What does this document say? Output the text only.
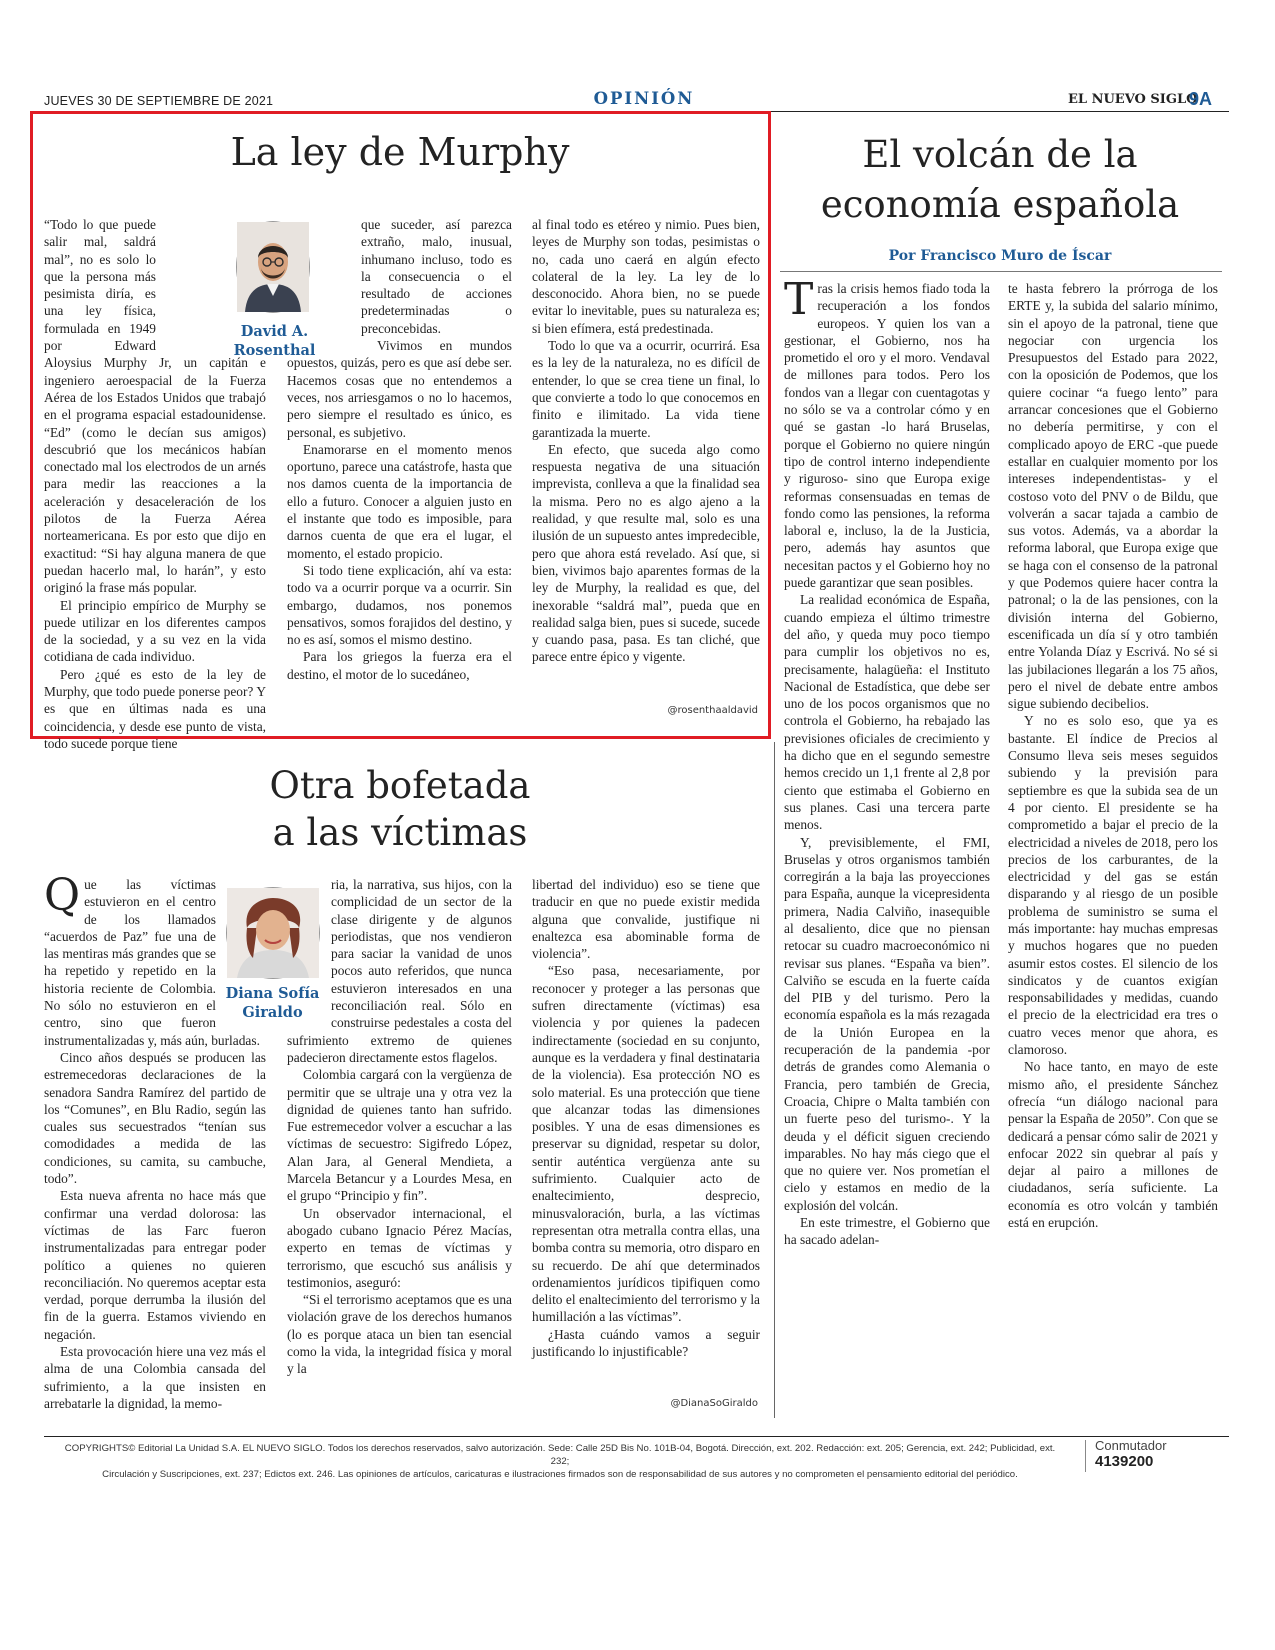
JUEVES 30 DE SEPTIEMBRE DE 2021	OPINIÓN	EL NUEVO SIGLO
9A
La ley de Murphy
David A.
Rosenthal

“Todo lo que puede salir mal, saldrá mal”, no es solo lo que la persona más pesimista diría, es una ley física, formulada en 1949 por Edward Aloysius Murphy Jr, un capitán e ingeniero aeroespacial de la Fuerza Aérea de los Estados Unidos que trabajó en el programa espacial estadounidense. “Ed” (como le decían sus amigos) descubrió que los mecánicos habían conectado mal los electrodos de un arnés para medir las reacciones a la aceleración y desaceleración de los pilotos de la Fuerza Aérea norteamericana. Es por esto que dijo en exactitud: “Si hay alguna manera de que puedan hacerlo mal, lo harán”, y esto originó la frase más popular.

El principio empírico de Murphy se puede utilizar en los diferentes campos de la sociedad, y a su vez en la vida cotidiana de cada individuo.

Pero ¿qué es esto de la ley de Murphy, que todo puede ponerse peor? Y es que en últimas nada es una coincidencia, y desde ese punto de vista, todo sucede porque tiene

que suceder, así parezca extraño, malo, inusual, inhumano incluso, todo es la consecuencia o el resultado de acciones predeterminadas o preconcebidas.

Vivimos en mundos opuestos, quizás, pero es que así debe ser. Hacemos cosas que no entendemos a veces, nos arriesgamos o no lo hacemos, pero siempre el resultado es único, es personal, es subjetivo.

Enamorarse en el momento menos oportuno, parece una catástrofe, hasta que nos damos cuenta de la importancia de ello a futuro. Conocer a alguien justo en el instante que todo es imposible, para darnos cuenta de que era el lugar, el momento, el estado propicio.

Si todo tiene explicación, ahí va esta: todo va a ocurrir porque va a ocurrir. Sin embargo, dudamos, nos ponemos pensativos, somos forajidos del destino, y no es así, somos el mismo destino.

Para los griegos la fuerza era el destino, el motor de lo sucedáneo,

al final todo es etéreo y nimio. Pues bien, leyes de Murphy son todas, pesimistas o no, cada uno caerá en algún efecto colateral de la ley. La ley de lo desconocido. Ahora bien, no se puede evitar lo inevitable, pues su naturaleza es; si bien efímera, está predestinada.

Todo lo que va a ocurrir, ocurrirá. Esa es la ley de la naturaleza, no es difícil de entender, lo que se crea tiene un final, lo que convierte a todo lo que conocemos en finito e ilimitado. La vida tiene garantizada la muerte.

En efecto, que suceda algo como respuesta negativa de una situación imprevista, conlleva a que la finalidad sea la misma. Pero no es algo ajeno a la realidad, y que resulte mal, solo es una ilusión de un supuesto antes impredecible, pero que ahora está revelado. Así que, si bien, vivimos bajo aparentes formas de la ley de Murphy, la realidad es que, del inexorable “saldrá mal”, pueda que en realidad salga bien, pues si sucede, sucede y cuando pasa, pasa. Es tan cliché, que parece entre épico y vigente.

@rosenthaaldavid
Otra bofetada
a las víctimas
Diana Sofía
Giraldo
Q ue las víctimas estuvieron en el centro de los llamados “acuerdos de Paz” fue una de las mentiras más grandes que se ha repetido y repetido en la historia reciente de Colombia. No sólo no estuvieron en el centro, sino que fueron instrumentalizadas y, más aún, burladas.

Cinco años después se producen las estremecedoras declaraciones de la senadora Sandra Ramírez del partido de los “Comunes”, en Blu Radio, según las cuales sus secuestrados “tenían sus comodidades a medida de las condiciones, su camita, su cambuche, todo”.

Esta nueva afrenta no hace más que confirmar una verdad dolorosa: las víctimas de las Farc fueron instrumentalizadas para entregar poder político a quienes no quieren reconciliación. No queremos aceptar esta verdad, porque derrumba la ilusión del fin de la guerra. Estamos viviendo en negación.

Esta provocación hiere una vez más el alma de una Colombia cansada del sufrimiento, a la que insisten en arrebatarle la dignidad, la memo-

ria, la narrativa, sus hijos, con la complicidad de un sector de la clase dirigente y de algunos periodistas, que nos vendieron para saciar la vanidad de unos pocos auto referidos, que nunca estuvieron interesados en una reconciliación real. Sólo en construirse pedestales a costa del sufrimiento extremo de quienes padecieron directamente estos flagelos.

Colombia cargará con la vergüenza de permitir que se ultraje una y otra vez la dignidad de quienes tanto han sufrido. Fue estremecedor volver a escuchar a las víctimas de secuestro: Sigifredo López, Alan Jara, al General Mendieta, a Marcela Betancur y a Lourdes Mesa, en el grupo “Principio y fin”.

Un observador internacional, el abogado cubano Ignacio Pérez Macías, experto en temas de víctimas y terrorismo, que escuchó sus análisis y testimonios, aseguró:

“Si el terrorismo aceptamos que es una violación grave de los derechos humanos (lo es porque ataca un bien tan esencial como la vida, la integridad física y moral y la

libertad del individuo) eso se tiene que traducir en que no puede existir medida alguna que convalide, justifique ni enaltezca esa abominable forma de violencia”.

“Eso pasa, necesariamente, por reconocer y proteger a las personas que sufren directamente (víctimas) esa violencia y por quienes la padecen indirectamente (sociedad en su conjunto, aunque es la verdadera y final destinataria de la violencia). Esa protección NO es solo material. Es una protección que tiene que alcanzar todas las dimensiones posibles. Y una de esas dimensiones es preservar su dignidad, respetar su dolor, sentir auténtica vergüenza ante su sufrimiento. Cualquier acto de enaltecimiento, desprecio, minusvaloración, burla, a las víctimas representan otra metralla contra ellas, una bomba contra su memoria, otro disparo en su recuerdo. De ahí que determinados ordenamientos jurídicos tipifiquen como delito el enaltecimiento del terrorismo y la humillación a las víctimas”.

¿Hasta cuándo vamos a seguir justificando lo injustificable?

@DianaSoGiraldo
El volcán de la
economía española
Por Francisco Muro de Íscar
T ras la crisis hemos fiado toda la recuperación a los fondos europeos. Y quien los van a gestionar, el Gobierno, nos ha prometido el oro y el moro. Vendaval de millones para todos. Pero los fondos van a llegar con cuentagotas y no sólo se va a controlar cómo y en qué se gastan -lo hará Bruselas, porque el Gobierno no quiere ningún tipo de control interno independiente y riguroso- sino que Europa exige reformas consensuadas en temas de fondo como las pensiones, la reforma laboral e, incluso, la de la Justicia, pero, además hay asuntos que necesitan pactos y el Gobierno hoy no puede garantizar que sean posibles.

La realidad económica de España, cuando empieza el último trimestre del año, y queda muy poco tiempo para cumplir los objetivos no es, precisamente, halagüeña: el Instituto Nacional de Estadística, que debe ser uno de los pocos organismos que no controla el Gobierno, ha rebajado las previsiones oficiales de crecimiento y ha dicho que en el segundo semestre hemos crecido un 1,1 frente al 2,8 por ciento que estimaba el Gobierno en sus planes. Casi una tercera parte menos.

Y, previsiblemente, el FMI, Bruselas y otros organismos también corregirán a la baja las proyecciones para España, aunque la vicepresidenta primera, Nadia Calviño, inasequible al desaliento, dice que no piensan retocar su cuadro macroeconómico ni revisar sus planes. “España va bien”. Calviño se escuda en la fuerte caída del PIB y del turismo. Pero la economía española es la más rezagada de la Unión Europea en la recuperación de la pandemia -por detrás de grandes como Alemania o Francia, pero también de Grecia, Croacia, Chipre o Malta también con un fuerte peso del turismo-. Y la deuda y el déficit siguen creciendo imparables. No hay más ciego que el que no quiere ver. Nos prometían el cielo y estamos en medio de la explosión del volcán.

En este trimestre, el Gobierno que ha sacado adelan-

te hasta febrero la prórroga de los ERTE y, la subida del salario mínimo, sin el apoyo de la patronal, tiene que negociar con urgencia los Presupuestos del Estado para 2022, con la oposición de Podemos, que los quiere cocinar “a fuego lento” para arrancar concesiones que el Gobierno no debería permitirse, y con el complicado apoyo de ERC -que puede estallar en cualquier momento por los intereses independentistas- y el costoso voto del PNV o de Bildu, que volverán a sacar tajada a cambio de sus votos. Además, va a abordar la reforma laboral, que Europa exige que se haga con el consenso de la patronal y que Podemos quiere hacer contra la patronal; o la de las pensiones, con la división interna del Gobierno, escenificada un día sí y otro también entre Yolanda Díaz y Escrivá. No sé si las jubilaciones llegarán a los 75 años, pero el nivel de debate entre ambos sigue subiendo decibelios.

Y no es solo eso, que ya es bastante. El índice de Precios al Consumo lleva seis meses seguidos subiendo y la previsión para septiembre es que la subida sea de un 4 por ciento. El presidente se ha comprometido a bajar el precio de la electricidad a niveles de 2018, pero los precios de los carburantes, de la electricidad y del gas se están disparando y al riesgo de un posible problema de suministro se suma el más importante: hay muchas empresas y muchos hogares que no pueden asumir estos costes. El silencio de los sindicatos y de cuantos exigían responsabilidades y medidas, cuando el precio de la electricidad era tres o cuatro veces menor que ahora, es clamoroso.

No hace tanto, en mayo de este mismo año, el presidente Sánchez ofrecía “un diálogo nacional para pensar la España de 2050”. Con que se dedicará a pensar cómo salir de 2021 y enfocar 2022 sin quebrar al país y dejar al pairo a millones de ciudadanos, sería suficiente. La economía es otro volcán y también está en erupción.

COPYRIGHTS© Editorial La Unidad S.A. EL NUEVO SIGLO. Todos los derechos reservados, salvo autorización. Sede: Calle 25D Bis No. 101B-04, Bogotá. Dirección, ext. 202. Redacción: ext. 205; Gerencia, ext. 242; Publicidad, ext. 232;
Circulación y Suscripciones, ext. 237; Edictos ext. 246. Las opiniones de artículos, caricaturas e ilustraciones firmados son de responsabilidad de sus autores y no comprometen el pensamiento editorial del periódico.
Conmutador
4139200
